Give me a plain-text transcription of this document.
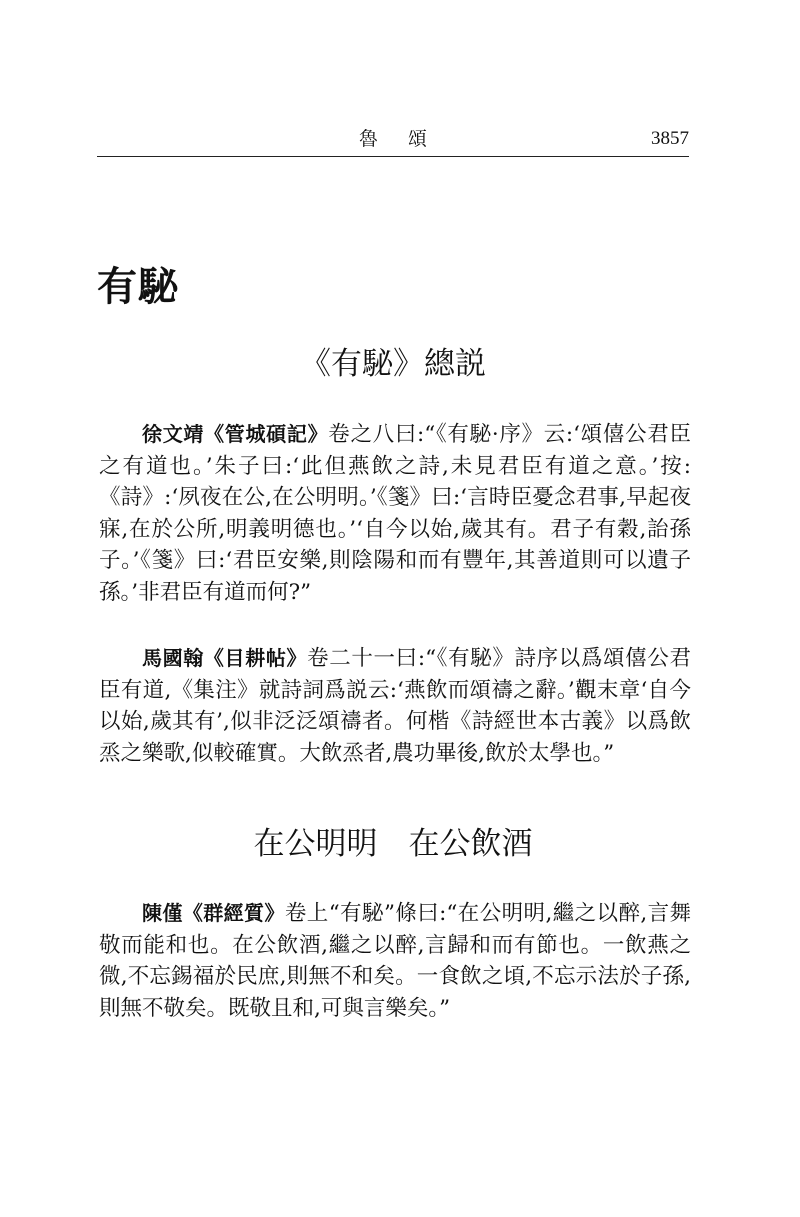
魯頌	3857
有駜
《有駜》總説

徐文靖《管城碩記》卷之八曰:“《有駜·序》云:‘頌僖公君臣之有道也。’朱子曰:‘此但燕飲之詩,未見君臣有道之意。’按:《詩》:‘夙夜在公,在公明明。’《箋》曰:‘言時臣憂念君事,早起夜寐,在於公所,明義明德也。’‘自今以始,歲其有。君子有穀,詒孫子。’《箋》曰:‘君臣安樂,則陰陽和而有豐年,其善道則可以遺子孫。’非君臣有道而何?”

馬國翰《目耕帖》卷二十一曰:“《有駜》詩序以爲頌僖公君臣有道,《集注》就詩詞爲説云:‘燕飲而頌禱之辭。’觀末章‘自今以始,歲其有’,似非泛泛頌禱者。何楷《詩經世本古義》以爲飲烝之樂歌,似較確實。大飲烝者,農功畢後,飲於太學也。”

在公明明　在公飲酒

陳僅《群經質》卷上“有駜”條曰:“在公明明,繼之以醉,言舞敬而能和也。在公飲酒,繼之以醉,言歸和而有節也。一飲燕之微,不忘錫福於民庶,則無不和矣。一食飲之頃,不忘示法於子孫,則無不敬矣。既敬且和,可與言樂矣。”
